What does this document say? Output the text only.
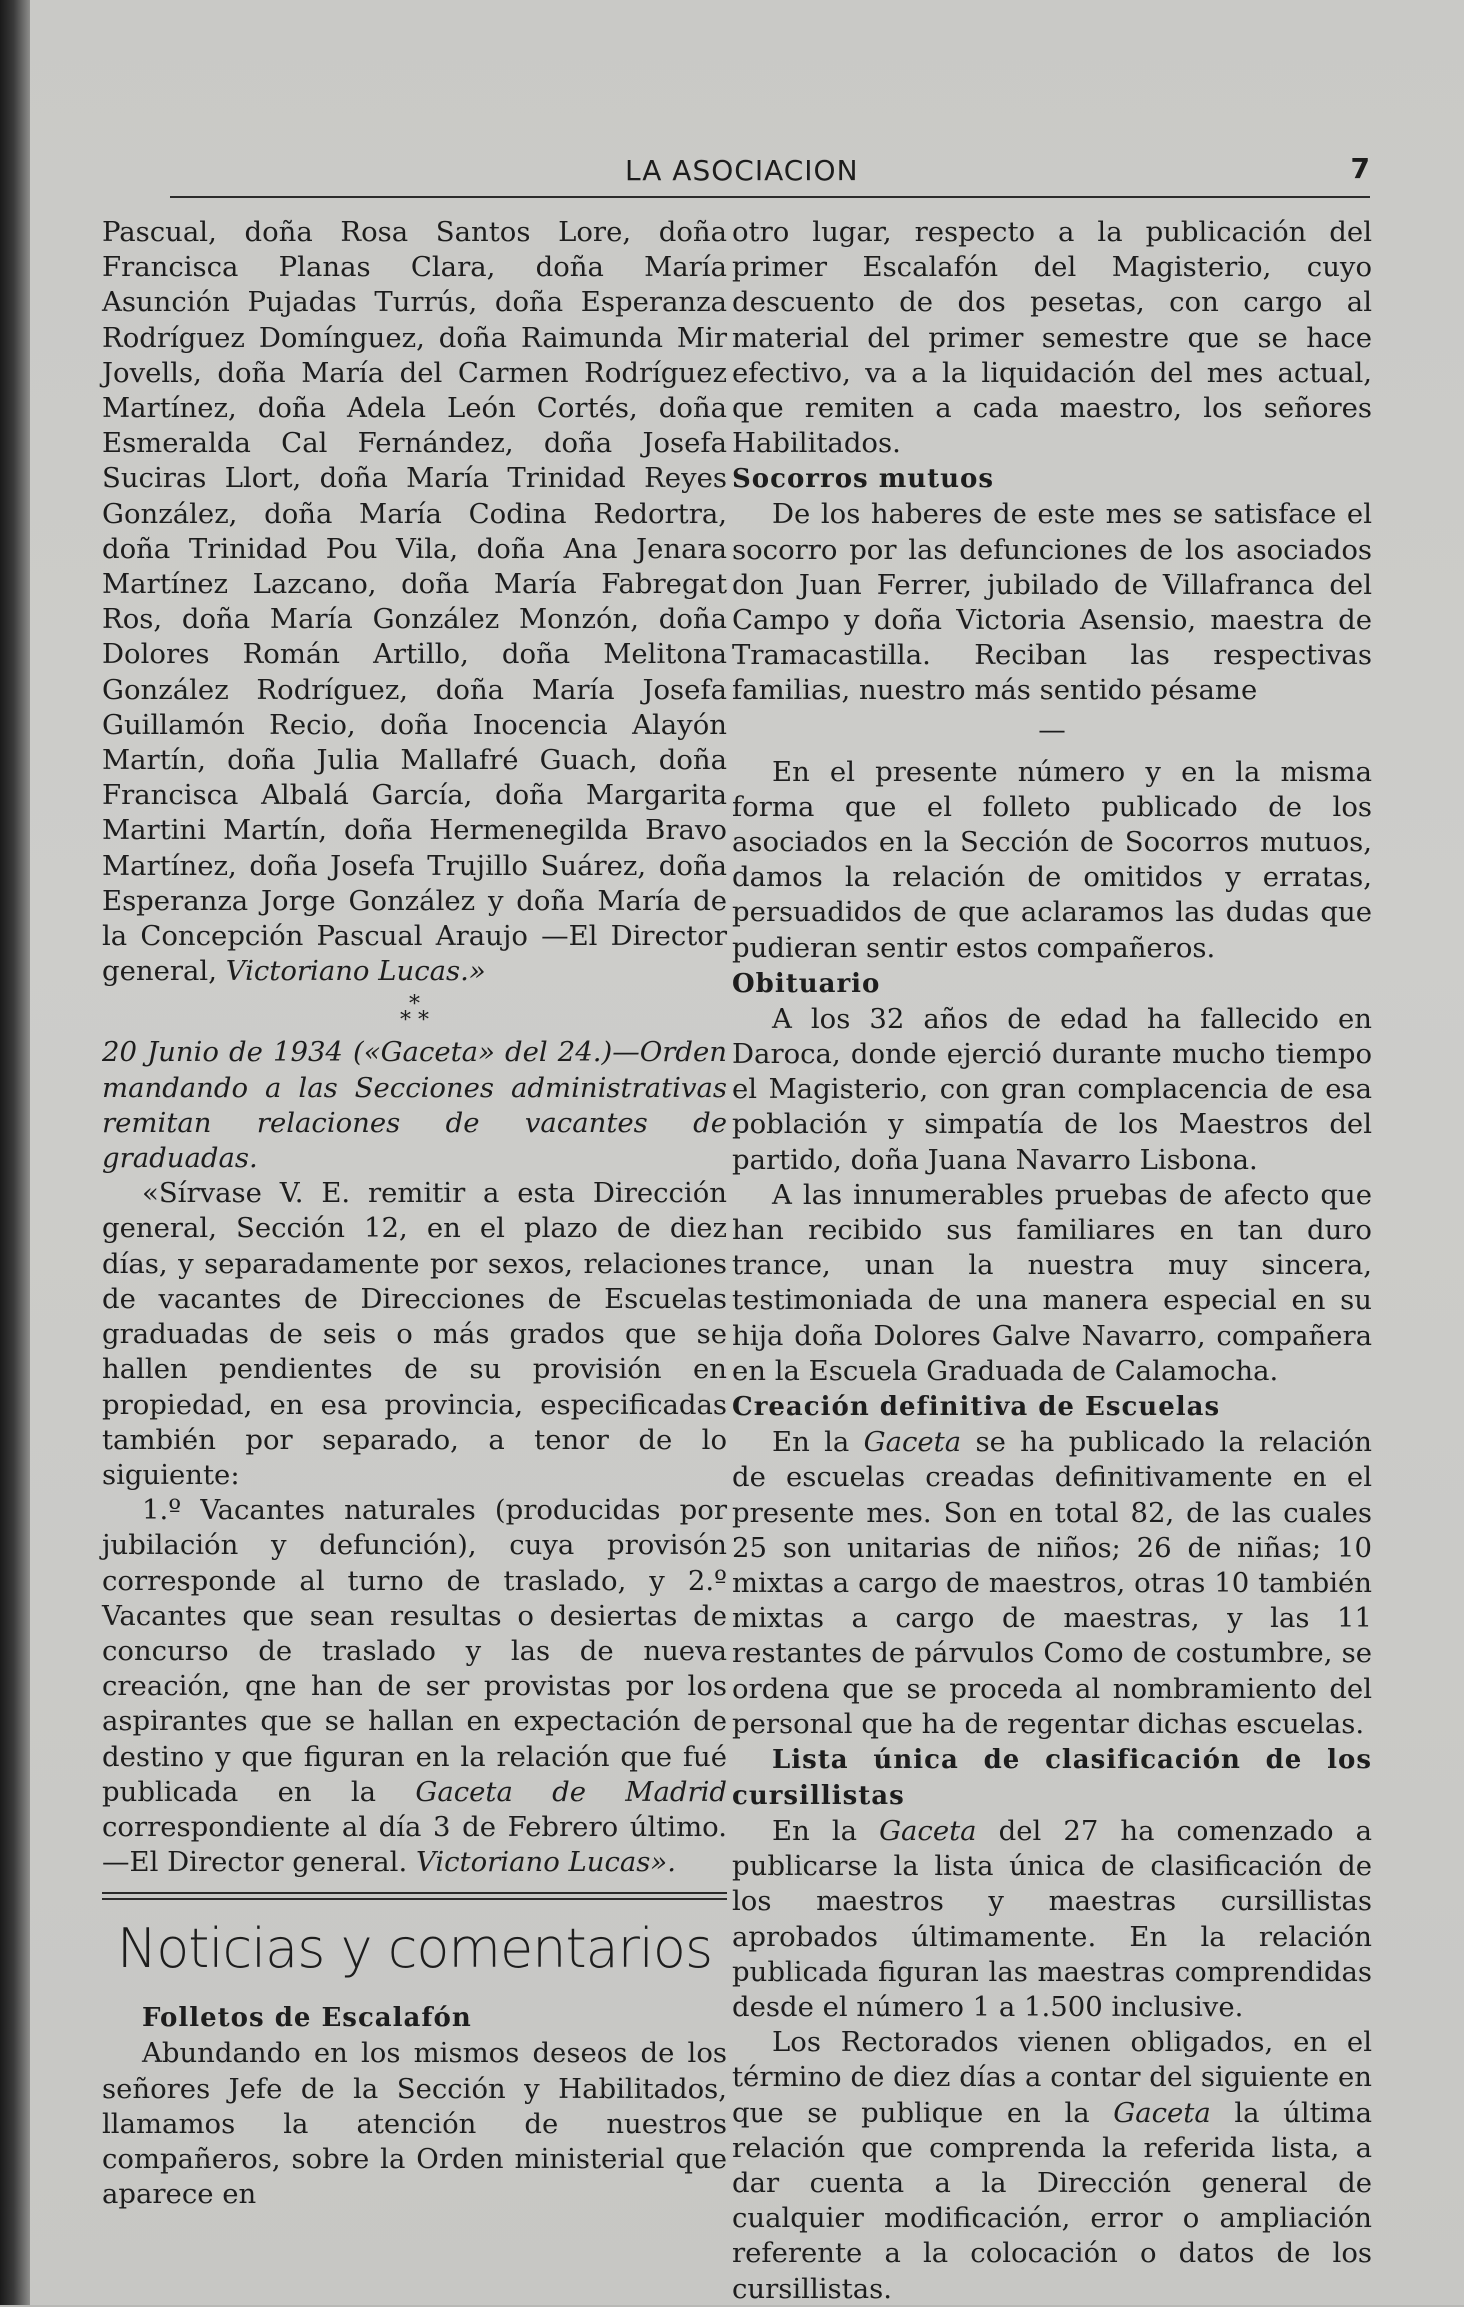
LA ASOCIACION	7

Pascual, doña Rosa Santos Lore, doña Francisca Planas Clara, doña María Asunción Pujadas Turrús, doña Esperanza Rodríguez Domínguez, doña Raimunda Mir Jovells, doña María del Carmen Rodríguez Martínez, doña Adela León Cortés, doña Esmeralda Cal Fernández, doña Josefa Suciras Llort, doña María Trinidad Reyes González, doña María Codina Redortra, doña Trinidad Pou Vila, doña Ana Jenara Martínez Lazcano, doña María Fabregat Ros, doña María González Monzón, doña Dolores Román Artillo, doña Melitona González Rodríguez, doña María Josefa Guillamón Recio, doña Inocencia Alayón Martín, doña Julia Mallafré Guach, doña Francisca Albalá García, doña Margarita Martini Martín, doña Hermenegilda Bravo Martínez, doña Josefa Trujillo Suárez, doña Esperanza Jorge González y doña María de la Concepción Pascual Araujo —El Director general, Victoriano Lucas.»

*
* *

20 Junio de 1934 («Gaceta» del 24.)—Orden mandando a las Secciones administrativas remitan relaciones de vacantes de graduadas.

«Sírvase V. E. remitir a esta Dirección general, Sección 12, en el plazo de diez días, y separadamente por sexos, relaciones de vacantes de Direcciones de Escuelas graduadas de seis o más grados que se hallen pendientes de su provisión en propiedad, en esa provincia, especificadas también por separado, a tenor de lo siguiente:

1.º Vacantes naturales (producidas por jubilación y defunción), cuya provisón corresponde al turno de traslado, y 2.º Vacantes que sean resultas o desiertas de concurso de traslado y las de nueva creación, qne han de ser provistas por los aspirantes que se hallan en expectación de destino y que figuran en la relación que fué publicada en la Gaceta de Madrid correspondiente al día 3 de Febrero último.—El Director general. Victoriano Lucas».

Noticias y comentarios

Folletos de Escalafón

Abundando en los mismos deseos de los señores Jefe de la Sección y Habilitados, llamamos la atención de nuestros compañeros, sobre la Orden ministerial que aparece en

otro lugar, respecto a la publicación del primer Escalafón del Magisterio, cuyo descuento de dos pesetas, con cargo al material del primer semestre que se hace efectivo, va a la liquidación del mes actual, que remiten a cada maestro, los señores Habilitados.

Socorros mutuos

De los haberes de este mes se satisface el socorro por las defunciones de los asociados don Juan Ferrer, jubilado de Villafranca del Campo y doña Victoria Asensio, maestra de Tramacastilla. Reciban las respectivas familias, nuestro más sentido pésame

—

En el presente número y en la misma forma que el folleto publicado de los asociados en la Sección de Socorros mutuos, damos la relación de omitidos y erratas, persuadidos de que aclaramos las dudas que pudieran sentir estos compañeros.

Obituario

A los 32 años de edad ha fallecido en Daroca, donde ejerció durante mucho tiempo el Magisterio, con gran complacencia de esa población y simpatía de los Maestros del partido, doña Juana Navarro Lisbona.

A las innumerables pruebas de afecto que han recibido sus familiares en tan duro trance, unan la nuestra muy sincera, testimoniada de una manera especial en su hija doña Dolores Galve Navarro, compañera en la Escuela Graduada de Calamocha.

Creación definitiva de Escuelas

En la Gaceta se ha publicado la relación de escuelas creadas definitivamente en el presente mes. Son en total 82, de las cuales 25 son unitarias de niños; 26 de niñas; 10 mixtas a cargo de maestros, otras 10 también mixtas a cargo de maestras, y las 11 restantes de párvulos Como de costumbre, se ordena que se proceda al nombramiento del personal que ha de regentar dichas escuelas.

Lista única de clasificación de los cursillistas

En la Gaceta del 27 ha comenzado a publicarse la lista única de clasificación de los maestros y maestras cursillistas aprobados últimamente. En la relación publicada figuran las maestras comprendidas desde el número 1 a 1.500 inclusive.

Los Rectorados vienen obligados, en el término de diez días a contar del siguiente en que se publique en la Gaceta la última relación que comprenda la referida lista, a dar cuenta a la Dirección general de cualquier modificación, error o ampliación referente a la colocación o datos de los cursillistas.
